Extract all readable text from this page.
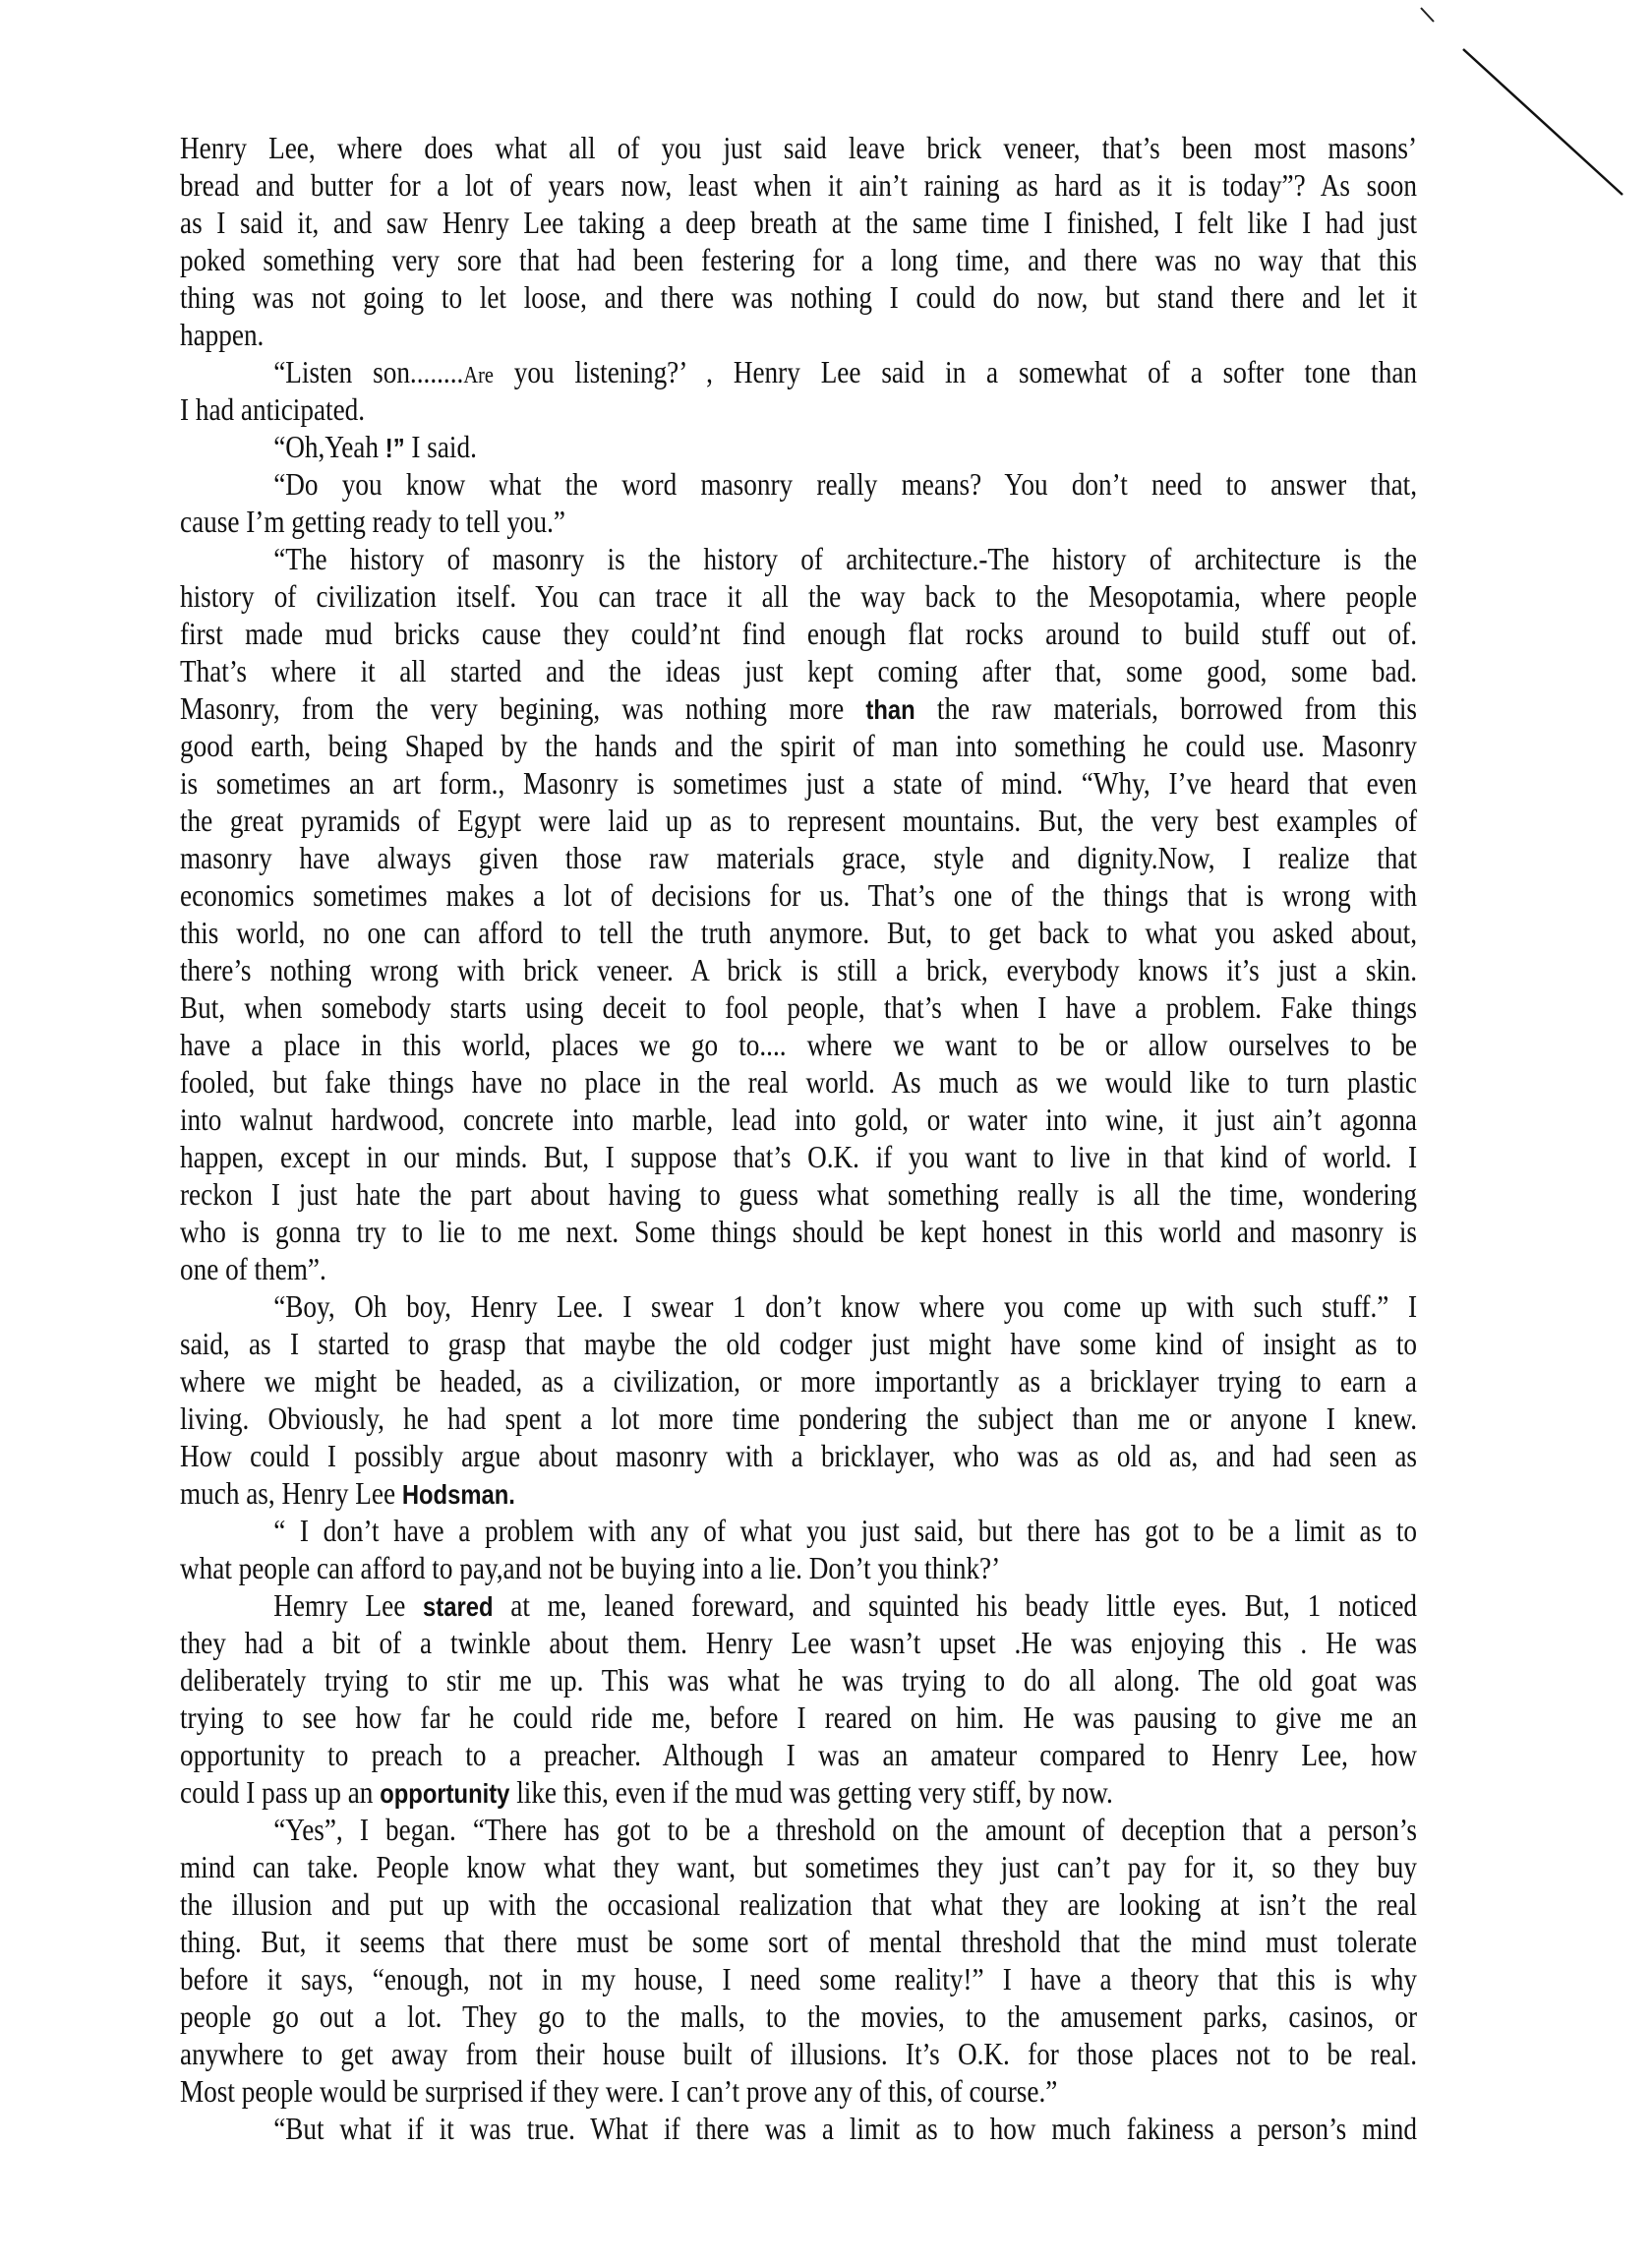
Henry Lee, where does what all of you just said leave brick veneer, that’s been most masons’
bread and butter for a lot of years now, least when it ain’t raining as hard as it is today”? As soon
as I said it, and saw Henry Lee taking a deep breath at the same time I finished, I felt like I had just
poked something very sore that had been festering for a long time, and there was no way that this
thing was not going to let loose, and there was nothing I could do now, but stand there and let it
happen.
“Listen son........Are you listening?’ , Henry Lee said in a somewhat of a softer tone than
I had anticipated.
“Oh,Yeah !” I said.
“Do you know what the word masonry really means? You don’t need to answer that,
cause I’m getting ready to tell you.”
“The history of masonry is the history of architecture.-The history of architecture is the
history of civilization itself. You can trace it all the way back to the Mesopotamia, where people
first made mud bricks cause they could’nt find enough flat rocks around to build stuff out of.
That’s where it all started and the ideas just kept coming after that, some good, some bad.
Masonry, from the very begining, was nothing more than the raw materials, borrowed from this
good earth, being Shaped by the hands and the spirit of man into something he could use. Masonry
is sometimes an art form., Masonry is sometimes just a state of mind. “Why, I’ve heard that even
the great pyramids of Egypt were laid up as to represent mountains. But, the very best examples of
masonry have always given those raw materials grace, style and dignity.Now, I realize that
economics sometimes makes a lot of decisions for us. That’s one of the things that is wrong with
this world, no one can afford to tell the truth anymore. But, to get back to what you asked about,
there’s nothing wrong with brick veneer. A brick is still a brick, everybody knows it’s just a skin.
But, when somebody starts using deceit to fool people, that’s when I have a problem. Fake things
have a place in this world, places we go to.... where we want to be or allow ourselves to be
fooled, but fake things have no place in the real world. As much as we would like to turn plastic
into walnut hardwood, concrete into marble, lead into gold, or water into wine, it just ain’t agonna
happen, except in our minds. But, I suppose that’s O.K. if you want to live in that kind of world. I
reckon I just hate the part about having to guess what something really is all the time, wondering
who is gonna try to lie to me next. Some things should be kept honest in this world and masonry is
one of them”.
“Boy, Oh boy, Henry Lee. I swear 1 don’t know where you come up with such stuff.” I
said, as I started to grasp that maybe the old codger just might have some kind of insight as to
where we might be headed, as a civilization, or more importantly as a bricklayer trying to earn a
living. Obviously, he had spent a lot more time pondering the subject than me or anyone I knew.
How could I possibly argue about masonry with a bricklayer, who was as old as, and had seen as
much as, Henry Lee Hodsman.
“ I don’t have a problem with any of what you just said, but there has got to be a limit as to
what people can afford to pay,and not be buying into a lie. Don’t you think?’
Hemry Lee stared at me, leaned foreward, and squinted his beady little eyes. But, 1 noticed
they had a bit of a twinkle about them. Henry Lee wasn’t upset .He was enjoying this . He was
deliberately trying to stir me up. This was what he was trying to do all along. The old goat was
trying to see how far he could ride me, before I reared on him. He was pausing to give me an
opportunity to preach to a preacher. Although I was an amateur compared to Henry Lee, how
could I pass up an opportunity like this, even if the mud was getting very stiff, by now.
“Yes”, I began. “There has got to be a threshold on the amount of deception that a person’s
mind can take. People know what they want, but sometimes they just can’t pay for it, so they buy
the illusion and put up with the occasional realization that what they are looking at isn’t the real
thing. But, it seems that there must be some sort of mental threshold that the mind must tolerate
before it says, “enough, not in my house, I need some reality!” I have a theory that this is why
people go out a lot. They go to the malls, to the movies, to the amusement parks, casinos, or
anywhere to get away from their house built of illusions. It’s O.K. for those places not to be real.
Most people would be surprised if they were. I can’t prove any of this, of course.”
“But what if it was true. What if there was a limit as to how much fakiness a person’s mind
